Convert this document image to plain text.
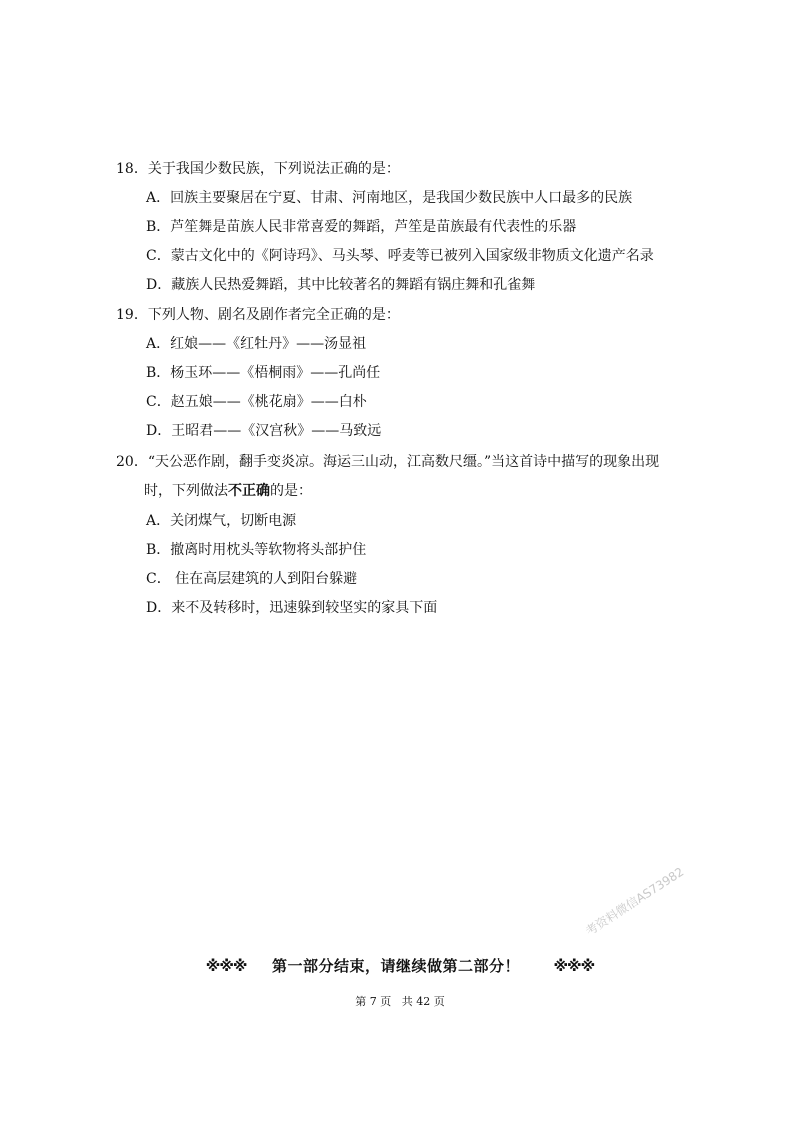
18．关于我国少数民族，下列说法正确的是：
A．回族主要聚居在宁夏、甘肃、河南地区，是我国少数民族中人口最多的民族
B．芦笙舞是苗族人民非常喜爱的舞蹈，芦笙是苗族最有代表性的乐器
C．蒙古文化中的《阿诗玛》、马头琴、呼麦等已被列入国家级非物质文化遗产名录
D．藏族人民热爱舞蹈，其中比较著名的舞蹈有锅庄舞和孔雀舞
19．下列人物、剧名及剧作者完全正确的是：
A．红娘——《红牡丹》——汤显祖
B．杨玉环——《梧桐雨》——孔尚任
C．赵五娘——《桃花扇》——白朴
D．王昭君——《汉宫秋》——马致远
20．“天公恶作剧，翻手变炎凉。海运三山动，江高数尺缰。”当这首诗中描写的现象出现
时，下列做法不正确的是：
A．关闭煤气，切断电源
B．撤离时用枕头等软物将头部护住
C． 住在高层建筑的人到阳台躲避
D．来不及转移时，迅速躲到较坚实的家具下面
考资料微信AS73982
※※※ 第一部分结束，请继续做第二部分！ ※※※
第 7 页   共 42 页
